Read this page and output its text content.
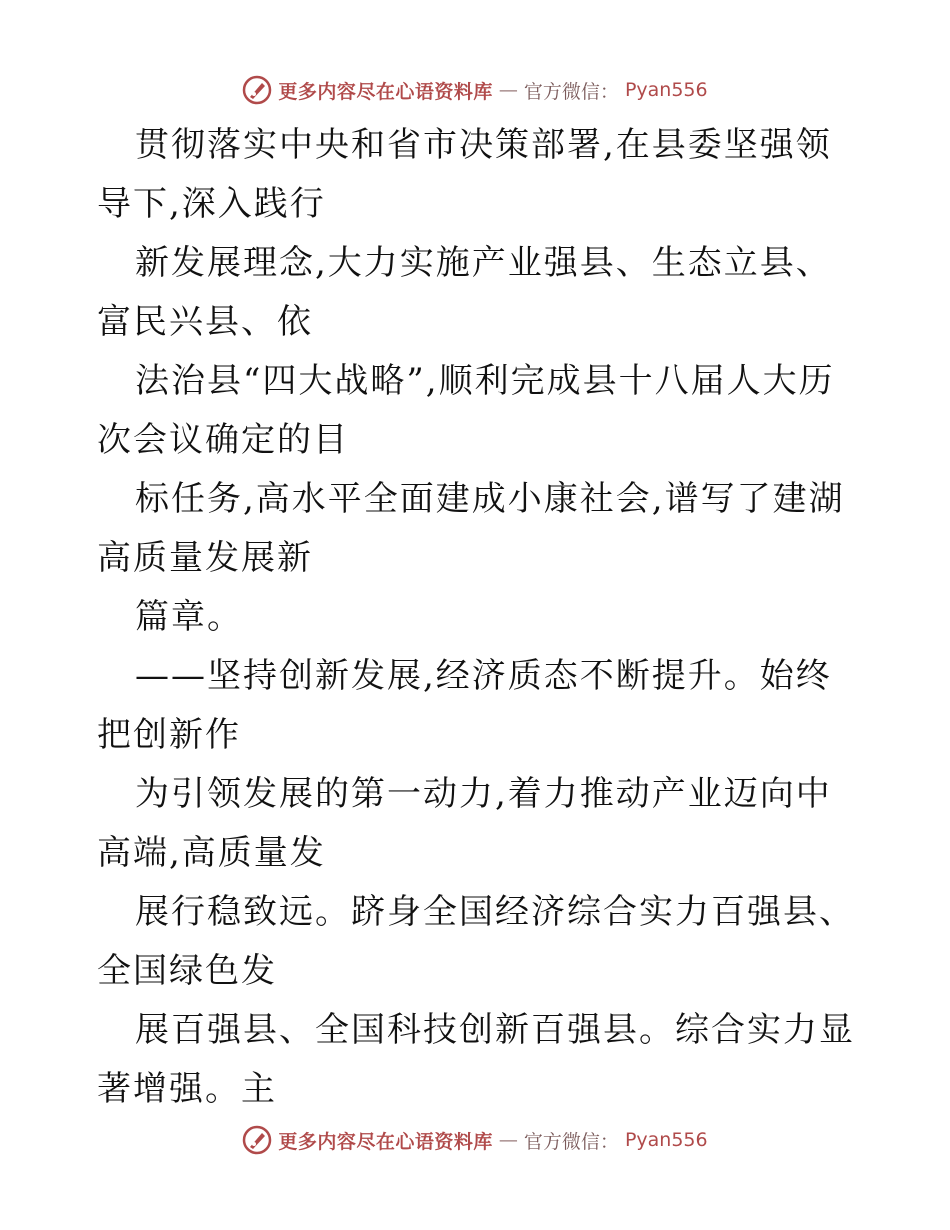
更多内容尽在心语资料库 — 官方微信： Pyan556

贯彻落实中央和省市决策部署,在县委坚强领导下,深入践行

新发展理念,大力实施产业强县、生态立县、富民兴县、依

法治县“四大战略”,顺利完成县十八届人大历次会议确定的目

标任务,高水平全面建成小康社会,谱写了建湖高质量发展新

篇章。

——坚持创新发展,经济质态不断提升。始终把创新作

为引领发展的第一动力,着力推动产业迈向中高端,高质量发

展行稳致远。跻身全国经济综合实力百强县、全国绿色发

展百强县、全国科技创新百强县。综合实力显著增强。主

更多内容尽在心语资料库 — 官方微信： Pyan556
